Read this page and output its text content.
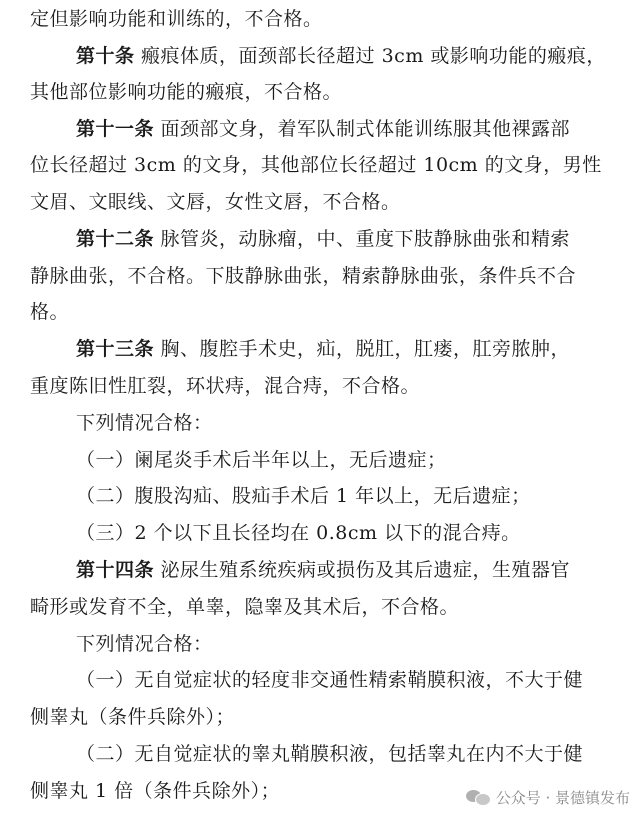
定但影响功能和训练的，不合格。
第十条 瘢痕体质，面颈部长径超过 3cm 或影响功能的瘢痕，
其他部位影响功能的瘢痕，不合格。
第十一条 面颈部文身，着军队制式体能训练服其他裸露部
位长径超过 3cm 的文身，其他部位长径超过 10cm 的文身，男性
文眉、文眼线、文唇，女性文唇，不合格。
第十二条 脉管炎，动脉瘤，中、重度下肢静脉曲张和精索
静脉曲张，不合格。下肢静脉曲张，精索静脉曲张，条件兵不合
格。
第十三条 胸、腹腔手术史，疝，脱肛，肛瘘，肛旁脓肿，
重度陈旧性肛裂，环状痔，混合痔，不合格。
下列情况合格：
（一）阑尾炎手术后半年以上，无后遗症；
（二）腹股沟疝、股疝手术后 1 年以上，无后遗症；
（三）2 个以下且长径均在 0.8cm 以下的混合痔。
第十四条 泌尿生殖系统疾病或损伤及其后遗症，生殖器官
畸形或发育不全，单睾，隐睾及其术后，不合格。
下列情况合格：
（一）无自觉症状的轻度非交通性精索鞘膜积液，不大于健
侧睾丸（条件兵除外）；
（二）无自觉症状的睾丸鞘膜积液，包括睾丸在内不大于健
侧睾丸 1 倍（条件兵除外）；	公众号 · 景德镇发布
